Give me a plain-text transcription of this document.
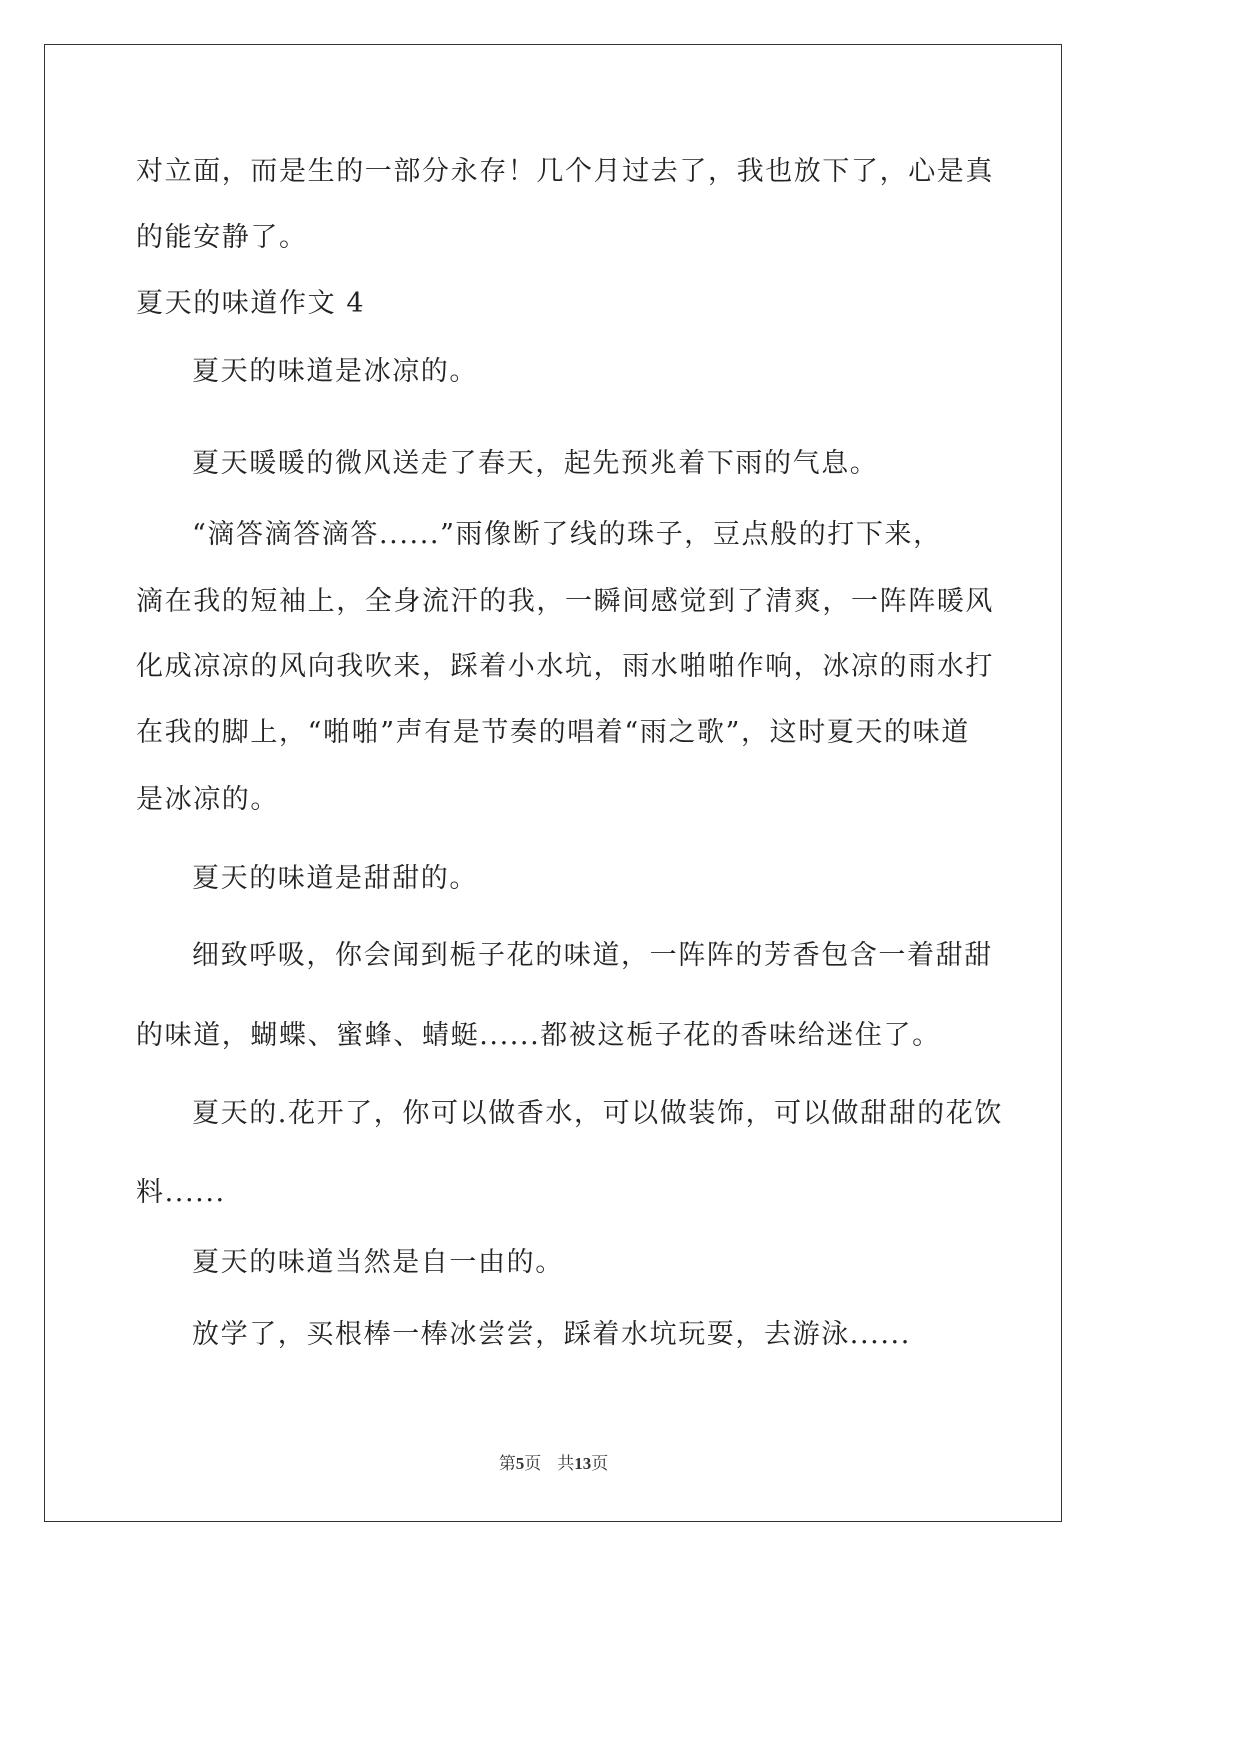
对立面，而是生的一部分永存！几个月过去了，我也放下了，心是真
的能安静了。
夏天的味道作文 4
夏天的味道是冰凉的。
夏天暖暖的微风送走了春天，起先预兆着下雨的气息。
“滴答滴答滴答......”雨像断了线的珠子，豆点般的打下来，
滴在我的短袖上，全身流汗的我，一瞬间感觉到了清爽，一阵阵暖风
化成凉凉的风向我吹来，踩着小水坑，雨水啪啪作响，冰凉的雨水打
在我的脚上，“啪啪”声有是节奏的唱着“雨之歌”，这时夏天的味道
是冰凉的。
夏天的味道是甜甜的。
细致呼吸，你会闻到栀子花的味道，一阵阵的芳香包含一着甜甜
的味道，蝴蝶、蜜蜂、蜻蜓......都被这栀子花的香味给迷住了。
夏天的.花开了，你可以做香水，可以做装饰，可以做甜甜的花饮
料......
夏天的味道当然是自一由的。
放学了，买根棒一棒冰尝尝，踩着水坑玩耍，去游泳......
第5页 共13页
